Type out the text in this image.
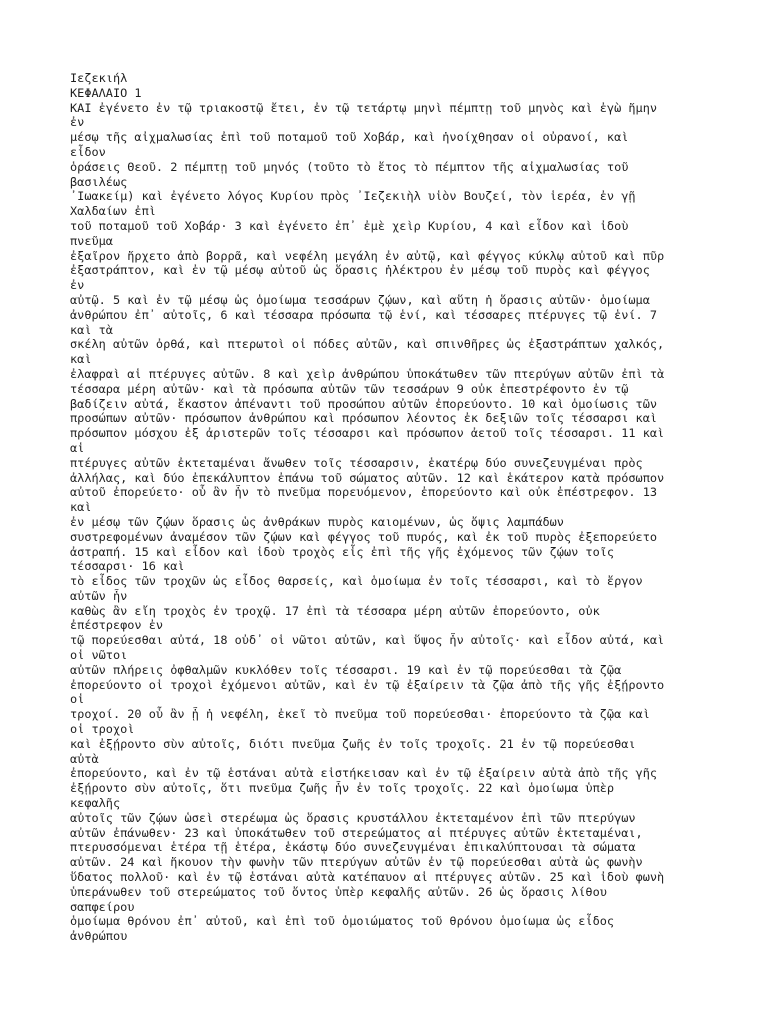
Ιεζεκιήλ
ΚΕΦΑΛΑΙΟ 1
ΚΑΙ ἐγένετο ἐν τῷ τριακοστῷ ἔτει, ἐν τῷ τετάρτῳ μηνὶ πέμπτῃ τοῦ μηνὸς καὶ ἐγὼ ἤμην
ἐν
μέσῳ τῆς αἰχμαλωσίας ἐπὶ τοῦ ποταμοῦ τοῦ Χοβάρ, καὶ ἠνοίχθησαν οἱ οὐρανοί, καὶ
εἶδον
ὁράσεις Θεοῦ. 2 πέμπτῃ τοῦ μηνός (τοῦτο τὸ ἔτος τὸ πέμπτον τῆς αἰχμαλωσίας τοῦ
βασιλέως
᾿Ιωακείμ) καὶ ἐγένετο λόγος Κυρίου πρὸς ᾿Ιεζεκιὴλ υἱὸν Βουζεί, τὸν ἱερέα, ἐν γῇ
Χαλδαίων ἐπὶ
τοῦ ποταμοῦ τοῦ Χοβάρ· 3 καὶ ἐγένετο ἐπ᾿ ἐμὲ χεὶρ Κυρίου, 4 καὶ εἶδον καὶ ἰδοὺ
πνεῦμα
ἐξαῖρον ἤρχετο ἀπὸ βορρᾶ, καὶ νεφέλη μεγάλη ἐν αὐτῷ, καὶ φέγγος κύκλῳ αὐτοῦ καὶ πῦρ
ἐξαστράπτον, καὶ ἐν τῷ μέσῳ αὐτοῦ ὡς ὅρασις ἠλέκτρου ἐν μέσῳ τοῦ πυρὸς καὶ φέγγος
ἐν
αὐτῷ. 5 καὶ ἐν τῷ μέσῳ ὡς ὁμοίωμα τεσσάρων ζῴων, καὶ αὕτη ἡ ὅρασις αὐτῶν· ὁμοίωμα
ἀνθρώπου ἐπ᾿ αὐτοῖς, 6 καὶ τέσσαρα πρόσωπα τῷ ἑνί, καὶ τέσσαρες πτέρυγες τῷ ἑνί. 7
καὶ τὰ
σκέλη αὐτῶν ὀρθά, καὶ πτερωτοὶ οἱ πόδες αὐτῶν, καὶ σπινθῆρες ὡς ἐξαστράπτων χαλκός,
καὶ
ἐλαφραὶ αἱ πτέρυγες αὐτῶν. 8 καὶ χεὶρ ἀνθρώπου ὑποκάτωθεν τῶν πτερύγων αὐτῶν ἐπὶ τὰ
τέσσαρα μέρη αὐτῶν· καὶ τὰ πρόσωπα αὐτῶν τῶν τεσσάρων 9 οὐκ ἐπεστρέφοντο ἐν τῷ
βαδίζειν αὐτά, ἕκαστον ἀπέναντι τοῦ προσώπου αὐτῶν ἐπορεύοντο. 10 καὶ ὁμοίωσις τῶν
προσώπων αὐτῶν· πρόσωπον ἀνθρώπου καὶ πρόσωπον λέοντος ἐκ δεξιῶν τοῖς τέσσαρσι καὶ
πρόσωπον μόσχου ἐξ ἀριστερῶν τοῖς τέσσαρσι καὶ πρόσωπον ἀετοῦ τοῖς τέσσαρσι. 11 καὶ
αἱ
πτέρυγες αὐτῶν ἐκτεταμέναι ἄνωθεν τοῖς τέσσαρσιν, ἑκατέρῳ δύο συνεζευγμέναι πρὸς
ἀλλήλας, καὶ δύο ἐπεκάλυπτον ἐπάνω τοῦ σώματος αὐτῶν. 12 καὶ ἑκάτερον κατὰ πρόσωπον
αὐτοῦ ἐπορεύετο· οὗ ἂν ἦν τὸ πνεῦμα πορευόμενον, ἐπορεύοντο καὶ οὐκ ἐπέστρεφον. 13
καὶ
ἐν μέσῳ τῶν ζῴων ὅρασις ὡς ἀνθράκων πυρὸς καιομένων, ὡς ὄψις λαμπάδων
συστρεφομένων ἀναμέσον τῶν ζῴων καὶ φέγγος τοῦ πυρός, καὶ ἐκ τοῦ πυρὸς ἐξεπορεύετο
ἀστραπή. 15 καὶ εἶδον καὶ ἰδοὺ τροχὸς εἷς ἐπὶ τῆς γῆς ἐχόμενος τῶν ζῴων τοῖς
τέσσαρσι· 16 καὶ
τὸ εἶδος τῶν τροχῶν ὡς εἶδος θαρσείς, καὶ ὁμοίωμα ἐν τοῖς τέσσαρσι, καὶ τὸ ἔργον
αὐτῶν ἦν
καθὼς ἂν εἴη τροχὸς ἐν τροχῷ. 17 ἐπὶ τὰ τέσσαρα μέρη αὐτῶν ἐπορεύοντο, οὐκ
ἐπέστρεφον ἐν
τῷ πορεύεσθαι αὐτά, 18 οὐδ᾿ οἱ νῶτοι αὐτῶν, καὶ ὕψος ἦν αὐτοῖς· καὶ εἶδον αὐτά, καὶ
οἱ νῶτοι
αὐτῶν πλήρεις ὀφθαλμῶν κυκλόθεν τοῖς τέσσαρσι. 19 καὶ ἐν τῷ πορεύεσθαι τὰ ζῷα
ἐπορεύοντο οἱ τροχοὶ ἐχόμενοι αὐτῶν, καὶ ἐν τῷ ἐξαίρειν τὰ ζῷα ἀπὸ τῆς γῆς ἐξῄροντο
οἱ
τροχοί. 20 οὗ ἂν ᾖ ἡ νεφέλη, ἐκεῖ τὸ πνεῦμα τοῦ πορεύεσθαι· ἐπορεύοντο τὰ ζῷα καὶ
οἱ τροχοὶ
καὶ ἐξῄροντο σὺν αὐτοῖς, διότι πνεῦμα ζωῆς ἐν τοῖς τροχοῖς. 21 ἐν τῷ πορεύεσθαι
αὐτὰ
ἐπορεύοντο, καὶ ἐν τῷ ἑστάναι αὐτὰ εἱστήκεισαν καὶ ἐν τῷ ἐξαίρειν αὐτὰ ἀπὸ τῆς γῆς
ἐξῄροντο σὺν αὐτοῖς, ὅτι πνεῦμα ζωῆς ἦν ἐν τοῖς τροχοῖς. 22 καὶ ὁμοίωμα ὑπὲρ
κεφαλῆς
αὐτοῖς τῶν ζῴων ὡσεὶ στερέωμα ὡς ὅρασις κρυστάλλου ἐκτεταμένον ἐπὶ τῶν πτερύγων
αὐτῶν ἐπάνωθεν· 23 καὶ ὑποκάτωθεν τοῦ στερεώματος αἱ πτέρυγες αὐτῶν ἐκτεταμέναι,
πτερυσσόμεναι ἑτέρα τῇ ἑτέρα, ἑκάστῳ δύο συνεζευγμέναι ἐπικαλύπτουσαι τὰ σώματα
αὐτῶν. 24 καὶ ἤκουον τὴν φωνὴν τῶν πτερύγων αὐτῶν ἐν τῷ πορεύεσθαι αὐτὰ ὡς φωνὴν
ὕδατος πολλοῦ· καὶ ἐν τῷ ἑστάναι αὐτὰ κατέπαυον αἱ πτέρυγες αὐτῶν. 25 καὶ ἰδοὺ φωνὴ
ὑπεράνωθεν τοῦ στερεώματος τοῦ ὄντος ὑπὲρ κεφαλῆς αὐτῶν. 26 ὡς ὅρασις λίθου
σαπφείρου
ὁμοίωμα θρόνου ἐπ᾿ αὐτοῦ, καὶ ἐπὶ τοῦ ὁμοιώματος τοῦ θρόνου ὁμοίωμα ὡς εἶδος
ἀνθρώπου
